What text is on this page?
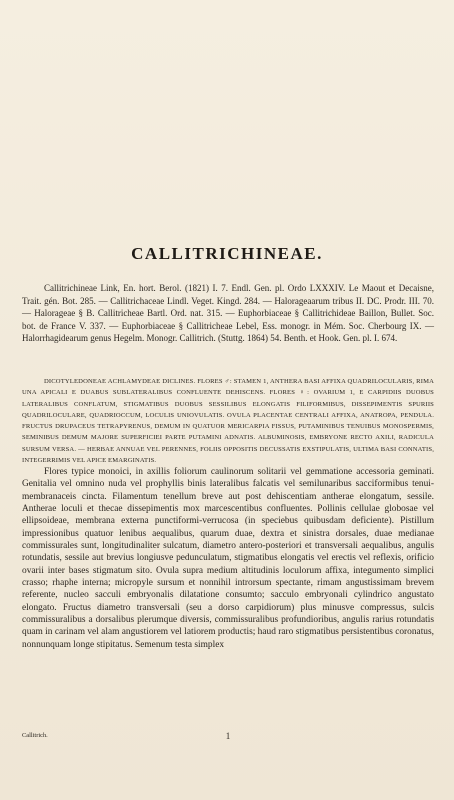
CALLITRICHINEAE.

Callitrichineae Link, En. hort. Berol. (1821) I. 7. Endl. Gen. pl. Ordo LXXXIV. Le Maout et Decaisne, Trait. gén. Bot. 285. — Callitrichaceae Lindl. Veget. Kingd. 284. — Halorageaarum tribus II. DC. Prodr. III. 70. — Halorageae § B. Callitricheae Bartl. Ord. nat. 315. — Euphorbiaceae § Callitrichideae Baillon, Bullet. Soc. bot. de France V. 337. — Euphorbiaceae § Callitricheae Lebel, Ess. monogr. in Mém. Soc. Cherbourg IX. — Halorrhagidearum genus Hegelm. Monogr. Callitrich. (Stuttg. 1864) 54. Benth. et Hook. Gen. pl. I. 674.

DICOTYLEDONEAE ACHLAMYDEAE DICLINES. FLORES ♂: STAMEN 1, ANTHERA BASI AFFIXA QUADRILOCULARIS, RIMA UNA APICALI E DUABUS SUBLATERALIBUS CONFLUENTE DEHISCENS. FLORES ♀: OVARIUM 1, E CARPIDIIS DUOBUS LATERALIBUS CONFLATUM, STIGMATIBUS DUOBUS SESSILIBUS ELONGATIS FILIFORMIBUS, DISSEPIMENTIS SPURIIS QUADRILOCULARE, QUADRIOCCUM, LOCULIS UNIOVULATIS. OVULA PLACENTAE CENTRALI AFFIXA, ANATROPA, PENDULA. FRUCTUS DRUPACEUS TETRAPYRENUS, DEMUM IN QUATUOR MERICARPIA FISSUS, PUTAMINIBUS TENUIBUS MONOSPERMIS, SEMINIBUS DEMUM MAJORE SUPERFICIEI PARTE PUTAMINI ADNATIS. ALBUMINOSIS, EMBRYONE RECTO AXILI, RADICULA SURSUM VERSA. — HERBAE ANNUAE VEL PERENNES, FOLIIS OPPOSITIS DECUSSATIS EXSTIPULATIS, ULTIMA BASI CONNATIS, INTEGERRIMIS VEL APICE EMARGINATIS.

Flores typice monoici, in axillis foliorum caulinorum solitarii vel gemmatione accessoria geminati. Genitalia vel omnino nuda vel prophyllis binis lateralibus falcatis vel semilunaribus sacciformibus tenui-membranaceis cincta. Filamentum tenellum breve aut post dehiscentiam antherae elongatum, sessile. Antherae loculi et thecae dissepimentis mox marcescentibus confluentes. Pollinis cellulae globosae vel ellipsoideae, membrana externa punctiformi-verrucosa (in speciebus quibusdam deficiente). Pistillum impressionibus quatuor lenibus aequalibus, quarum duae, dextra et sinistra dorsales, duae medianae commissurales sunt, longitudinaliter sulcatum, diametro antero-posteriori et transversali aequalibus, angulis rotundatis, sessile aut brevius longiusve pedunculatum, stigmatibus elongatis vel erectis vel reflexis, orificio ovarii inter bases stigmatum sito. Ovula supra medium altitudinis loculorum affixa, integumento simplici crasso; rhaphe interna; micropyle sursum et nonnihil introrsum spectante, rimam angustissimam brevem referente, nucleo sacculi embryonalis dilatatione consumto; sacculo embryonali cylindrico angustato elongato. Fructus diametro transversali (seu a dorso carpidiorum) plus minusve compressus, sulcis commissuralibus a dorsalibus plerumque diversis, commissuralibus profundioribus, angulis rarius rotundatis quam in carinam vel alam angustiorem vel latiorem productis; haud raro stigmatibus persistentibus coronatus, nonnunquam longe stipitatus. Semenum testa simplex

Callitrich.	1
